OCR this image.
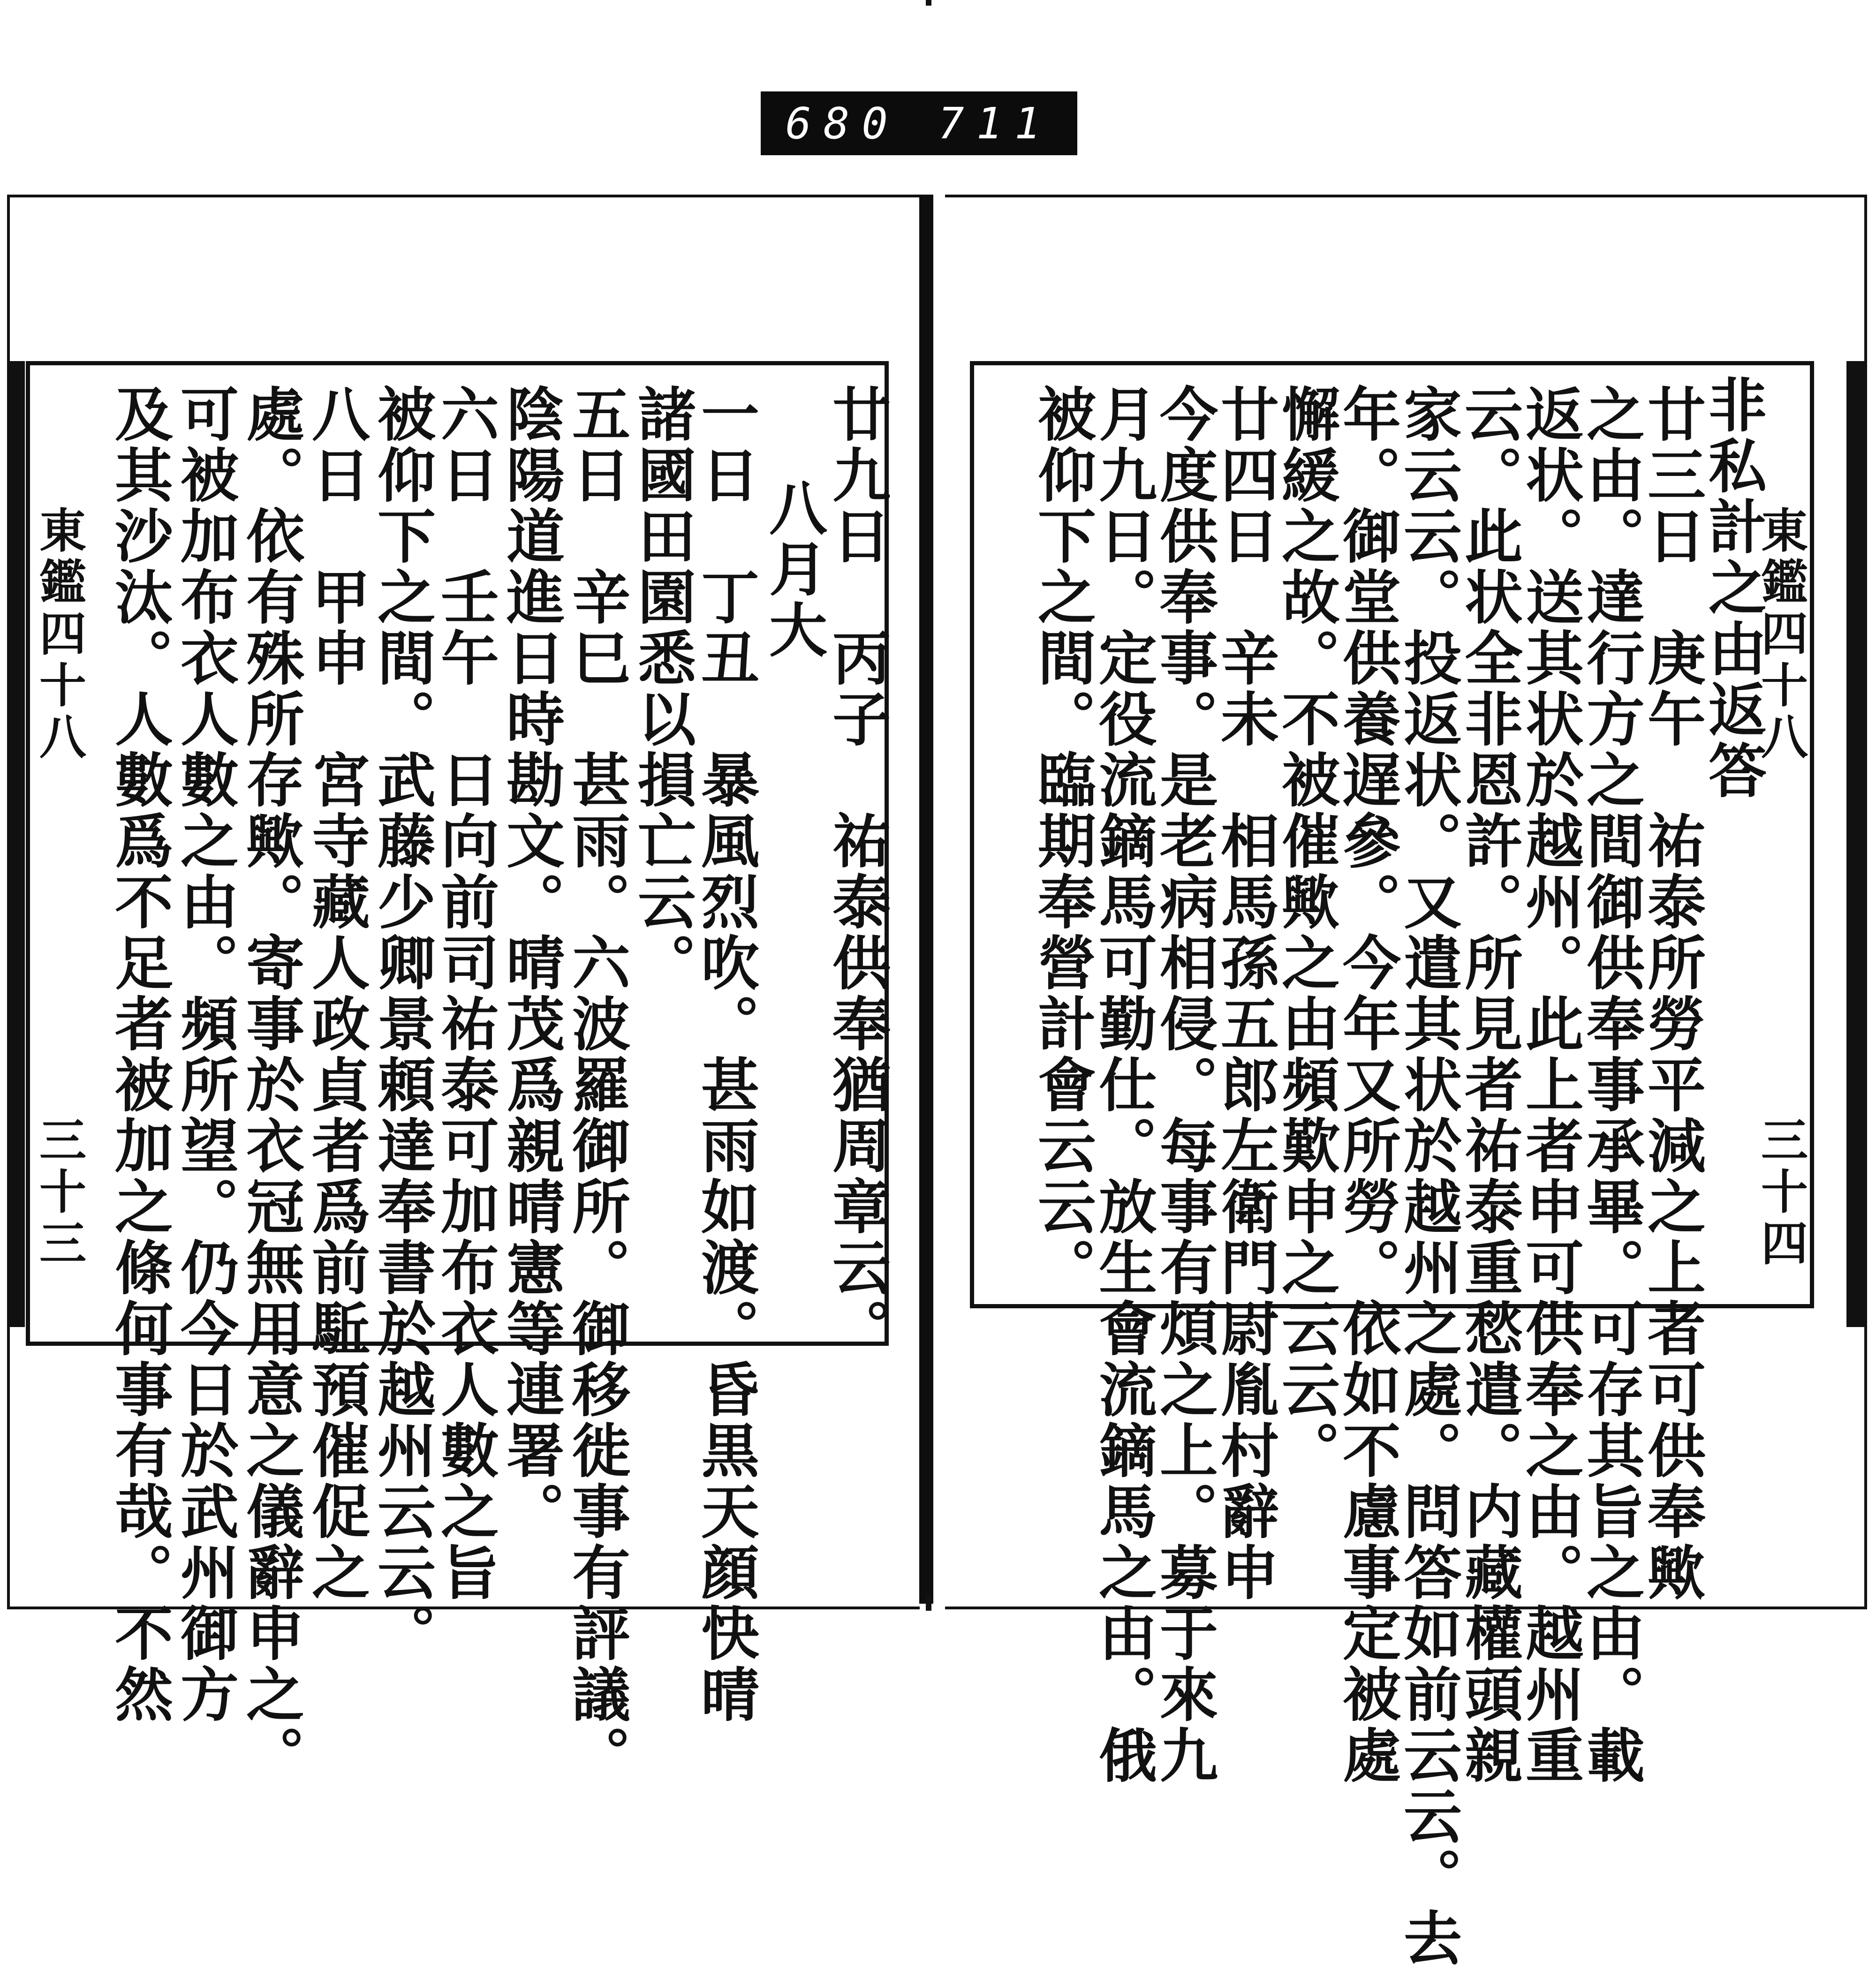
680 711
廿九日　丙子　祐泰供奉猶周章云。
　八月大
一日　丁丑　暴風烈吹。甚雨如渡。昏黒天顔快晴
諸國田園悉以損亡云。
五日　辛巳　甚雨。六波羅御所。御移徙事有評議。
陰陽道進日時勘文。晴茂爲親晴憲等連署。
六日　壬午　日向前司祐泰可加布衣人數之旨
被仰下之間。武藤少卿景頼達奉書於越州云云。
八日　甲申　宮寺藏人政貞者爲前駈預催促之
處。依有殊所存歟。寄事於衣冠無用意之儀辭申之。
可被加布衣人數之由。頻所望。仍今日於武州御方
及其沙汰。人數爲不足者被加之條何事有哉。不然
東鑑四十八
三十三
非私計之由返答
廿三日　庚午　祐泰所勞平減之上者可供奉歟
之由。達行方之間御供奉事承畢。可存其旨之由。載
返状。送其状於越州。此上者申可供奉之由。越州重
云。此状全非恩許。所見者祐泰重愁遣。内藏權頭親
家云云。投返状。又遣其状於越州之處。問答如前云云。去
年。御堂供養遅參。今年又所勞。依如不慮事定被處
懈緩之故。不被催歟之由頻歎申之云云。
廿四日　辛未　相馬孫五郎左衛門尉胤村辭申
今度供奉事。是老病相侵。每事有煩之上。募于來九
月九日。定役流鏑馬可勤仕。放生會流鏑馬之由。俄
被仰下之間。臨期奉營計會云云。	東鑑四十八
三十四
